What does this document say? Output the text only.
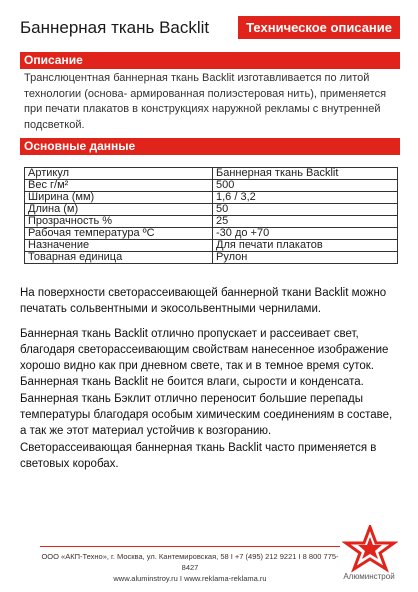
Баннерная ткань Backlit	Техническое описание
Описание
Транслюцентная баннерная ткань Backlit изготавливается по литой технологии (основа- армированная полиэстеровая нить), применяется при печати плакатов в конструкциях наружной рекламы с внутренней подсветкой.
Основные данные
Артикул	Баннерная ткань Backlit
Вес г/м²	500
Ширина (мм)	1,6 / 3,2
Длина (м)	50
Прозрачность %	25
Рабочая температура ºС	-30 до +70
Назначение	Для печати плакатов
Товарная единица	Рулон

На поверхности светорассеивающей баннерной ткани Backlit можно печатать сольвентными и экосольвентными чернилами.

Баннерная ткань Backlit отлично пропускает и рассеивает свет, благодаря светорассеивающим свойствам нанесенное изображение хорошо видно как при дневном свете, так и в темное время суток. Баннерная ткань Backlit не боится влаги, сырости и конденсата.

Баннерная ткань Бэклит отлично переносит большие перепады температуры благодаря особым химическим соединениям в составе, а так же этот материал устойчив к возгоранию.

Светорассеивающая баннерная ткань Backlit часто применяется в световых коробах.

ООО «АКП-Техно», г. Москва, ул. Кантемировская, 58 I +7 (495) 212 9221 I 8 800 775-8427
www.aluminstroy.ru I www.reklama-reklama.ru	Алюминстрой
